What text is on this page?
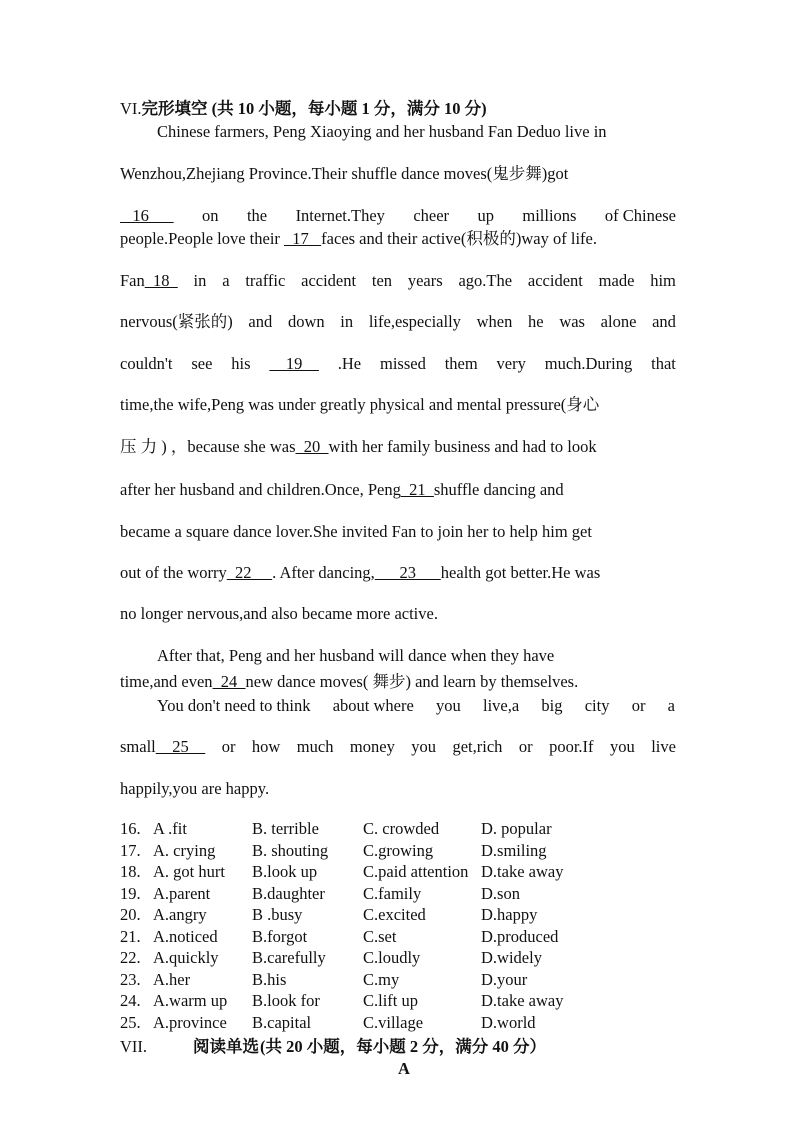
VI.完形填空 (共 10 小题，每小题 1 分，满分 10 分)
Chinese farmers, Peng Xiaoying and her husband Fan Deduo live in
Wenzhou,Zhejiang Province.Their shuffle dance moves(鬼步舞)got
16 on the Internet.They cheer up millions of Chinese
people.People love their   17   faces and their active(积极的)way of life.
Fan  18 in a traffic accident ten years ago.The accident made him
nervous(紧张的) and down in life,especially when he was alone and
couldn't see his 19 .He missed them very much.During that
time,the wife,Peng was under greatly physical and mental pressure(身心
压 力 ) ，because she was  20  with her family business and had to look
after her husband and children.Once, Peng  21  shuffle dancing and
became a square dance lover.She invited Fan to join her to help him get
out of the worry  22     . After dancing,      23      health got better.He was
no longer nervous,and also became more active.
After that, Peng and her husband will dance when they have
time,and even  24  new dance moves( 舞步) and learn by themselves.
You don't need to think about where you live,a big city or a
small    25 or how much money you get,rich or poor.If you live
happily,you are happy.
16. A .fit	B. terrible	C. crowded	D. popular
17. A. crying B. shouting C.growing	D.smiling
18. A. got hurt B.look up	C.paid attention D.take away
19. A.parent	B.daughter C.family	D.son
20. A.angry	B .busy	C.excited	D.happy
21. A.noticed B.forgot	C.set	D.produced
22. A.quickly B.carefully C.loudly	D.widely
23. A.her	B.his	C.my	D.your
24. A.warm up B.look for	C.lift up	D.take away
25. A.province B.capital	C.village	D.world
VII.	阅读单选 (共 20 小题，每小题 2 分，满分 40 分）
A
